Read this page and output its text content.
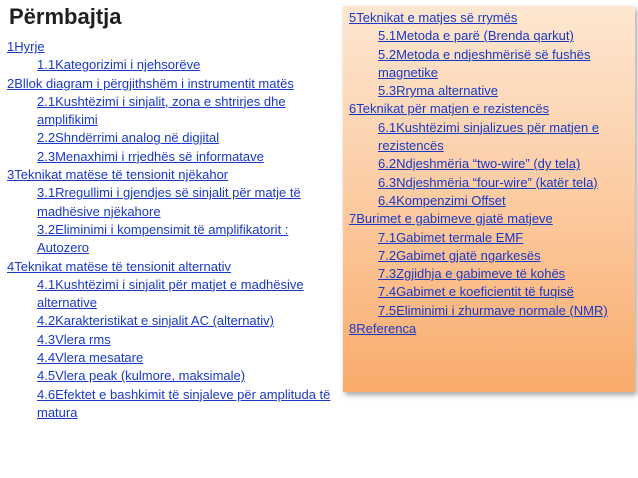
Përmbajtja
1Hyrje
1.1Kategorizimi i njehsorëve
2Bllok diagram i përgjithshëm i instrumentit matës
2.1Kushtëzimi i sinjalit, zona e shtrirjes dhe amplifikimi
2.2Shndërrimi analog në digjital
2.3Menaxhimi i rrjedhës së informatave
3Teknikat matëse të tensionit njëkahor
3.1Rregullimi i gjendjes së sinjalit për matje të madhësive njëkahore
3.2Eliminimi i kompensimit të amplifikatorit : Autozero
4Teknikat matëse të tensionit alternativ
4.1Kushtëzimi i sinjalit për matjet e madhësive alternative
4.2Karakteristikat e sinjalit AC (alternativ)
4.3Vlera rms
4.4Vlera mesatare
4.5Vlera peak (kulmore, maksimale)
4.6Efektet e bashkimit të sinjaleve për amplituda të matura
5Teknikat e matjes së rrymës
5.1Metoda e parë (Brenda qarkut)
5.2Metoda e ndjeshmërisë së fushës magnetike
5.3Rryma alternative
6Teknikat për matjen e rezistencës
6.1Kushtëzimi sinjalizues për matjen e rezistencës
6.2Ndjeshmëria “two-wire” (dy tela)
6.3Ndjeshmëria “four-wire” (katër tela)
6.4Kompenzimi Offset
7Burimet e gabimeve gjatë matjeve
7.1Gabimet termale EMF
7.2Gabimet gjatë ngarkesës
7.3Zgjidhja e gabimeve të kohës
7.4Gabimet e koeficientit të fuqisë
7.5Eliminimi i zhurmave normale (NMR)
8Referenca
